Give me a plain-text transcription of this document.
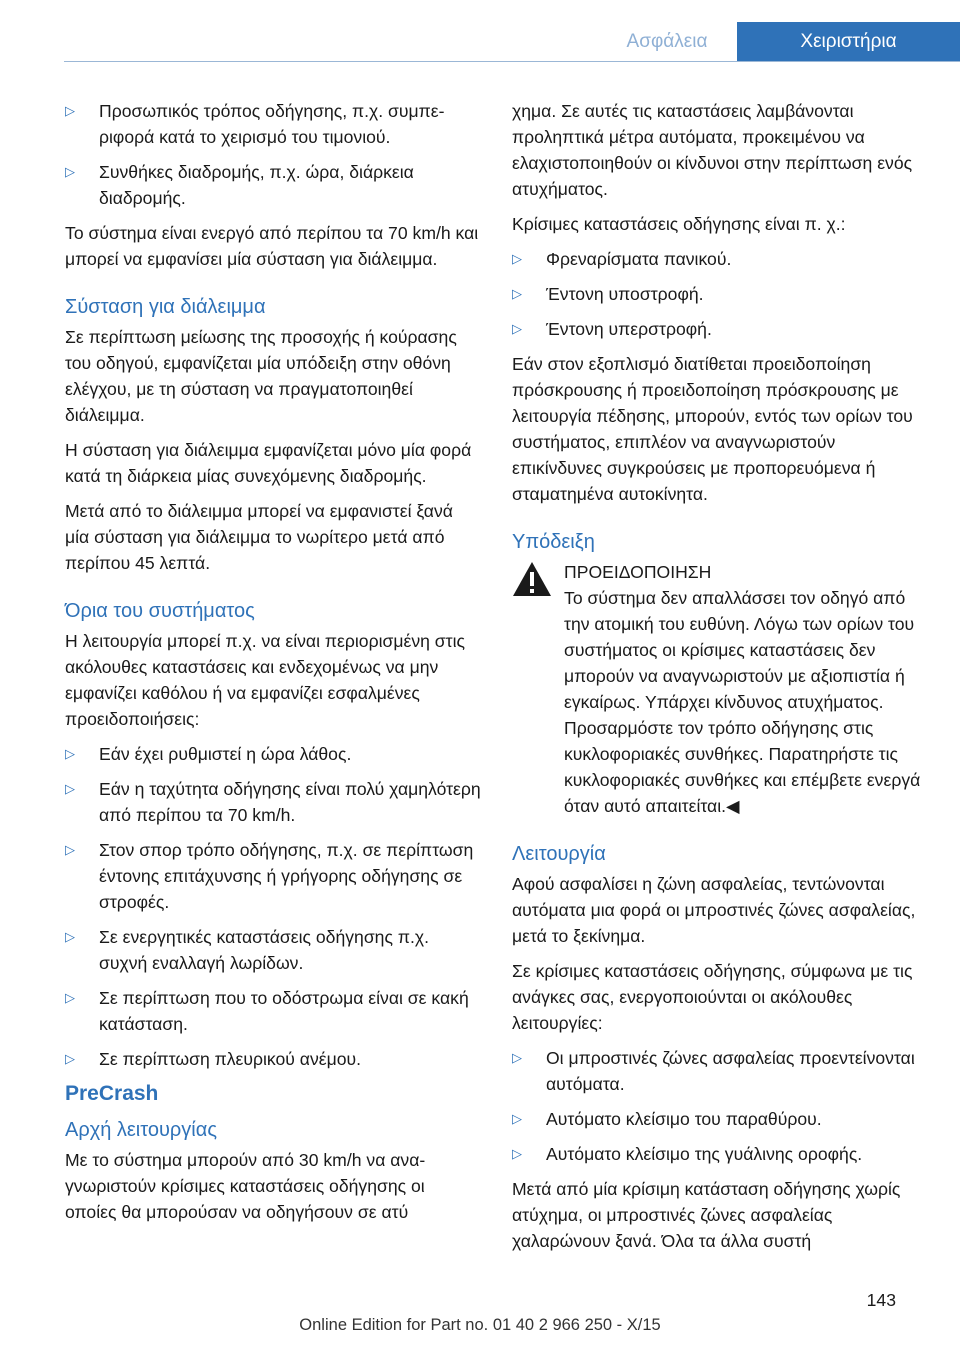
Ασφάλεια	Χειριστήρια
▷ Προσωπικός τρόπος οδήγησης, π.χ. συμπεριφορά κατά το χειρισμό του τιμονιού.
▷ Συνθήκες διαδρομής, π.χ. ώρα, διάρκεια διαδρομής.

Το σύστημα είναι ενεργό από περίπου τα 70 km/h και μπορεί να εμφανίσει μία σύσταση για διάλειμμα.

Σύσταση για διάλειμμα

Σε περίπτωση μείωσης της προσοχής ή κούρασης του οδηγού, εμφανίζεται μία υπόδειξη στην οθόνη ελέγχου, με τη σύσταση να πραγματοποιηθεί διάλειμμα.

Η σύσταση για διάλειμμα εμφανίζεται μόνο μία φορά κατά τη διάρκεια μίας συνεχόμενης διαδρομής.

Μετά από το διάλειμμα μπορεί να εμφανιστεί ξανά μία σύσταση για διάλειμμα το νωρίτερο μετά από περίπου 45 λεπτά.

Όρια του συστήματος

Η λειτουργία μπορεί π.χ. να είναι περιορισμένη στις ακόλουθες καταστάσεις και ενδεχομένως να μην εμφανίζει καθόλου ή να εμφανίζει εσφαλμένες προειδοποιήσεις:

▷ Εάν έχει ρυθμιστεί η ώρα λάθος.
▷ Εάν η ταχύτητα οδήγησης είναι πολύ χαμηλότερη από περίπου τα 70 km/h.
▷ Στον σπορ τρόπο οδήγησης, π.χ. σε περίπτωση έντονης επιτάχυνσης ή γρήγορης οδήγησης σε στροφές.
▷ Σε ενεργητικές καταστάσεις οδήγησης π.χ. συχνή εναλλαγή λωρίδων.
▷ Σε περίπτωση που το οδόστρωμα είναι σε κακή κατάσταση.
▷ Σε περίπτωση πλευρικού ανέμου.
PreCrash
Αρχή λειτουργίας

Με το σύστημα μπορούν από 30 km/h να αναγνωριστούν κρίσιμες καταστάσεις οδήγησης οι οποίες θα μπορούσαν να οδηγήσουν σε ατύ

χημα. Σε αυτές τις καταστάσεις λαμβάνονται προληπτικά μέτρα αυτόματα, προκειμένου να ελαχιστοποιηθούν οι κίνδυνοι στην περίπτωση ενός ατυχήματος.

Κρίσιμες καταστάσεις οδήγησης είναι π. χ.:

▷ Φρεναρίσματα πανικού.
▷ Έντονη υποστροφή.
▷ Έντονη υπερστροφή.

Εάν στον εξοπλισμό διατίθεται προειδοποίηση πρόσκρουσης ή προειδοποίηση πρόσκρουσης με λειτουργία πέδησης, μπορούν, εντός των ορίων του συστήματος, επιπλέον να αναγνωριστούν επικίνδυνες συγκρούσεις με προπορευόμενα ή σταματημένα αυτοκίνητα.

Υπόδειξη

ΠΡΟΕΙΔΟΠΟΙΗΣΗ
Το σύστημα δεν απαλλάσσει τον οδηγό από την ατομική του ευθύνη. Λόγω των ορίων του συστήματος οι κρίσιμες καταστάσεις δεν μπορούν να αναγνωριστούν με αξιοπιστία ή εγκαίρως. Υπάρχει κίνδυνος ατυχήματος. Προσαρμόστε τον τρόπο οδήγησης στις κυκλοφοριακές συνθήκες. Παρατηρήστε τις κυκλοφοριακές συνθήκες και επέμβετε ενεργά όταν αυτό απαιτείται.◀

Λειτουργία

Αφού ασφαλίσει η ζώνη ασφαλείας, τεντώνονται αυτόματα μια φορά οι μπροστινές ζώνες ασφαλείας, μετά το ξεκίνημα.

Σε κρίσιμες καταστάσεις οδήγησης, σύμφωνα με τις ανάγκες σας, ενεργοποιούνται οι ακόλουθες λειτουργίες:

▷ Οι μπροστινές ζώνες ασφαλείας προεντείνονται αυτόματα.
▷ Αυτόματο κλείσιμο του παραθύρου.
▷ Αυτόματο κλείσιμο της γυάλινης οροφής.

Μετά από μία κρίσιμη κατάσταση οδήγησης χωρίς ατύχημα, οι μπροστινές ζώνες ασφαλείας χαλαρώνουν ξανά. Όλα τα άλλα συστή

143
Online Edition for Part no. 01 40 2 966 250 - X/15
